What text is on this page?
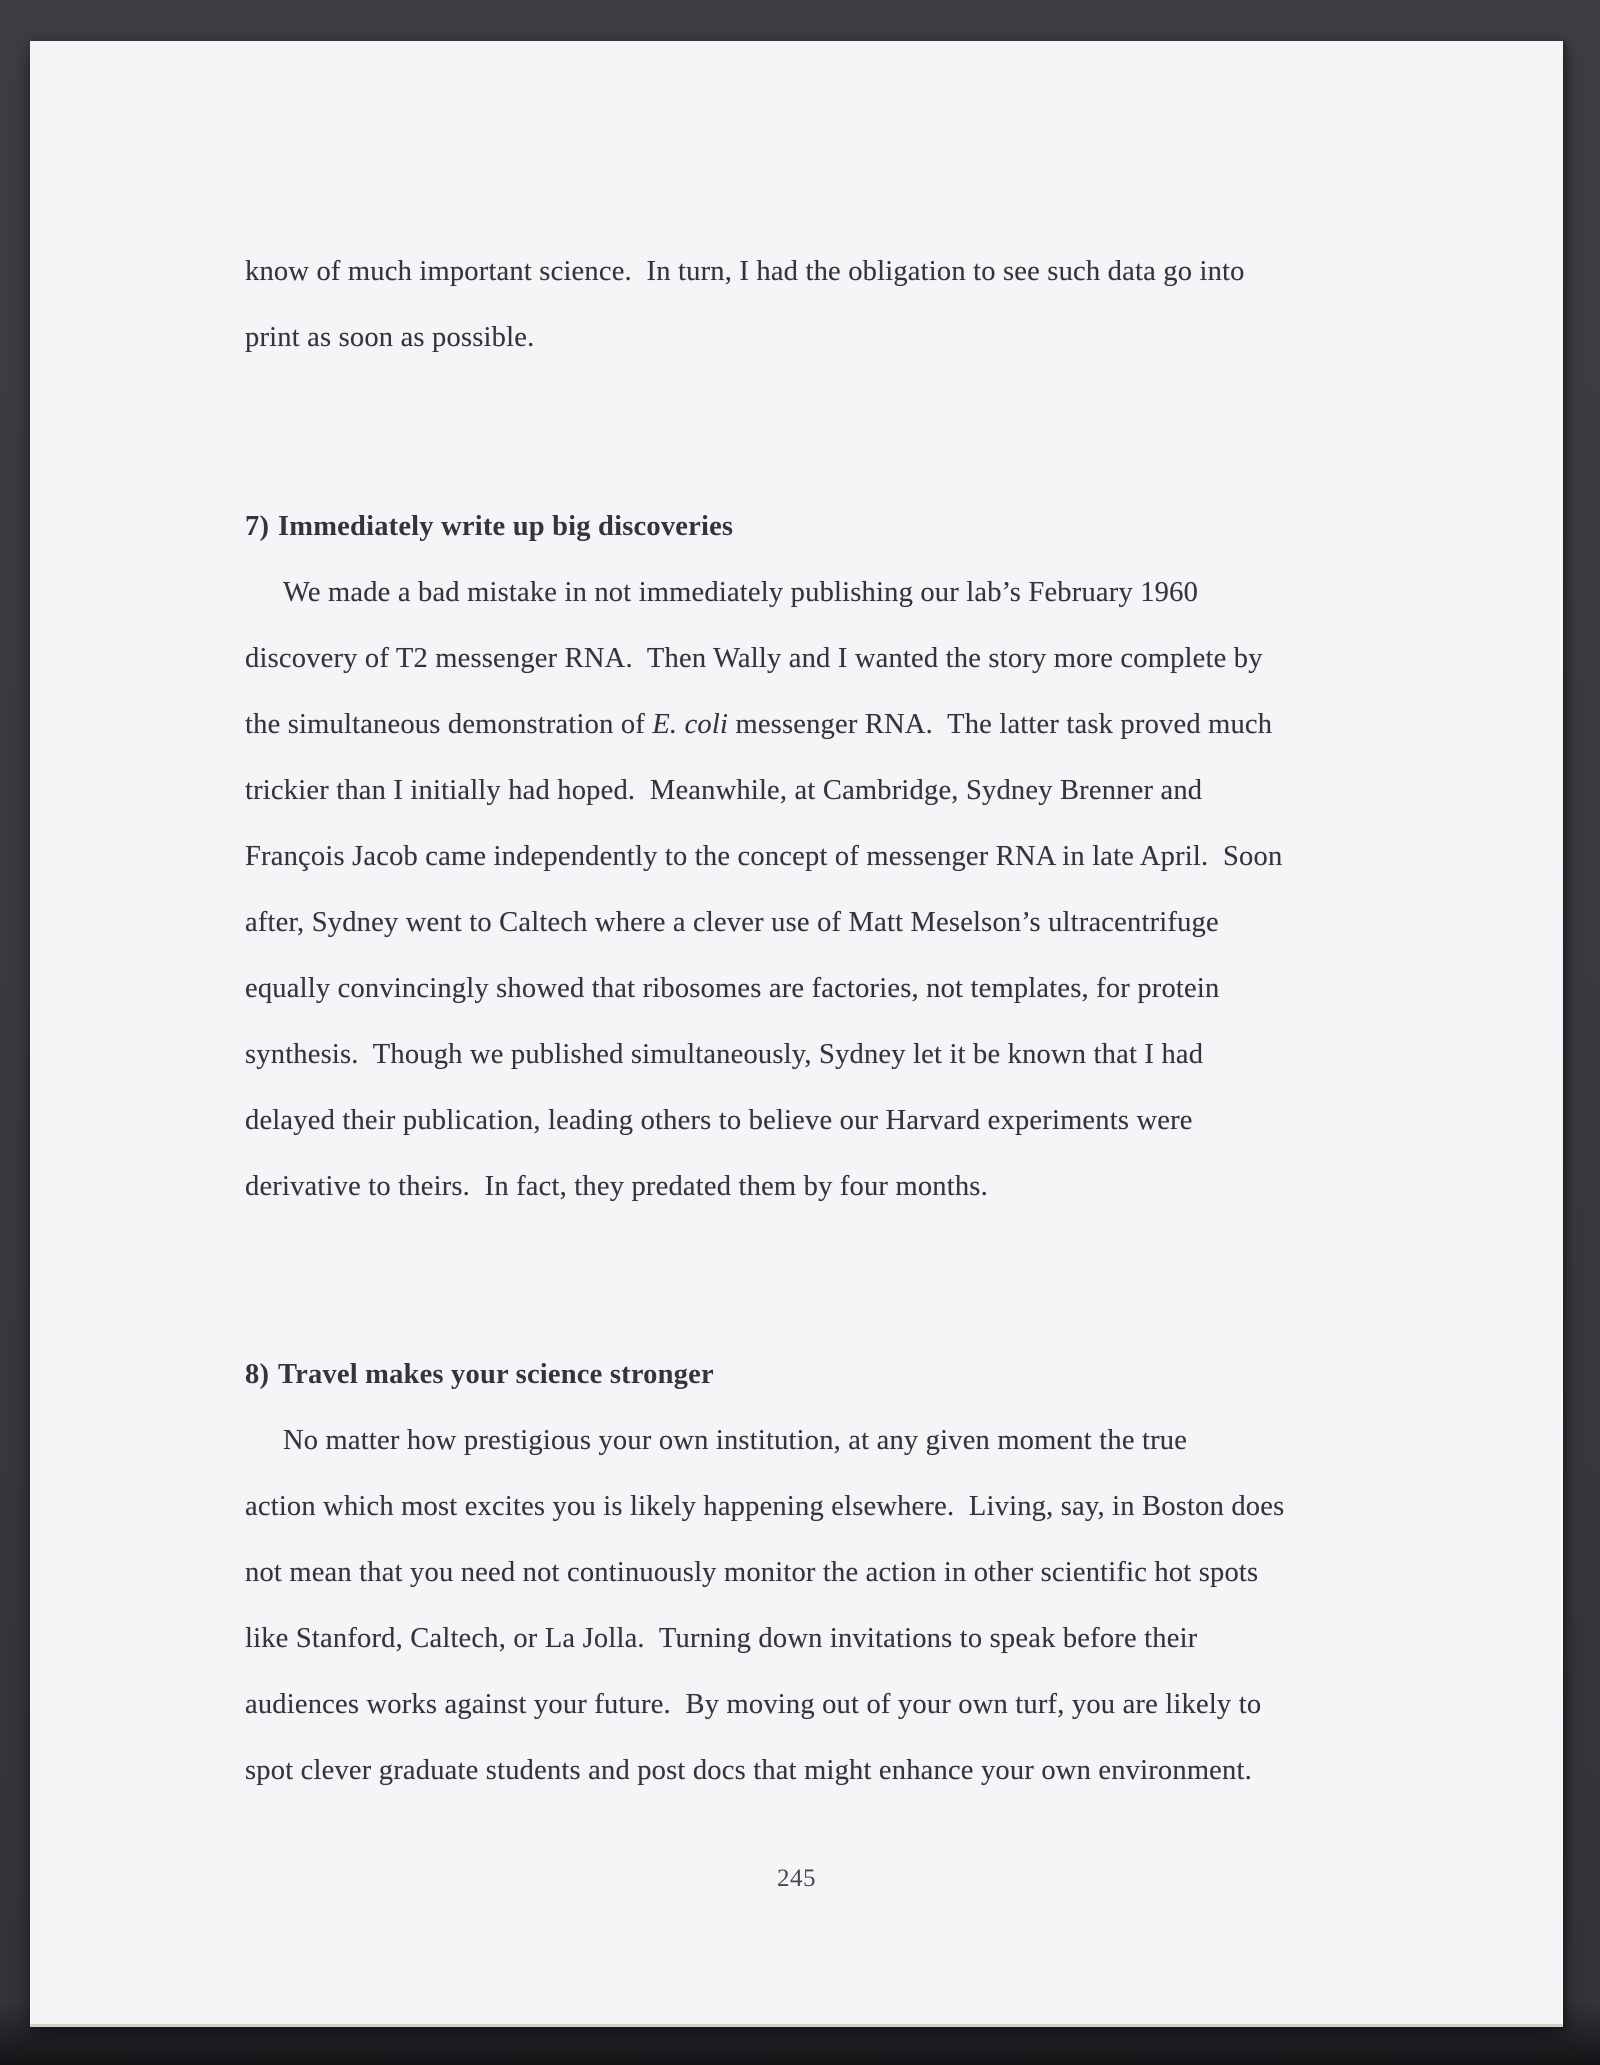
know of much important science.  In turn, I had the obligation to see such data go into
print as soon as possible.
7) Immediately write up big discoveries
We made a bad mistake in not immediately publishing our lab’s February 1960
discovery of T2 messenger RNA.  Then Wally and I wanted the story more complete by
the simultaneous demonstration of E. coli messenger RNA.  The latter task proved much
trickier than I initially had hoped.  Meanwhile, at Cambridge, Sydney Brenner and
François Jacob came independently to the concept of messenger RNA in late April.  Soon
after, Sydney went to Caltech where a clever use of Matt Meselson’s ultracentrifuge
equally convincingly showed that ribosomes are factories, not templates, for protein
synthesis.  Though we published simultaneously, Sydney let it be known that I had
delayed their publication, leading others to believe our Harvard experiments were
derivative to theirs.  In fact, they predated them by four months.
8) Travel makes your science stronger
No matter how prestigious your own institution, at any given moment the true
action which most excites you is likely happening elsewhere.  Living, say, in Boston does
not mean that you need not continuously monitor the action in other scientific hot spots
like Stanford, Caltech, or La Jolla.  Turning down invitations to speak before their
audiences works against your future.  By moving out of your own turf, you are likely to
spot clever graduate students and post docs that might enhance your own environment.
245
